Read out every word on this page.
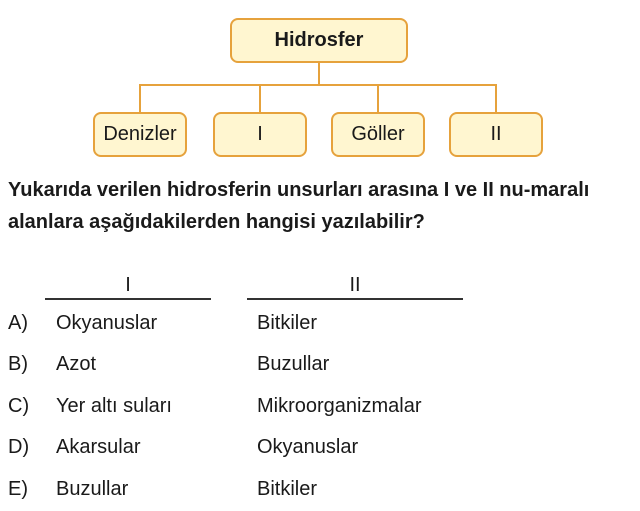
Hidrosfer
Denizler	I	Göller	II

Yukarıda verilen hidrosferin unsurları arasına I ve II nu-maralı alanlara aşağıdakilerden hangisi yazılabilir?

I	II
A) Okyanuslar	Bitkiler
B) Azot	Buzullar
C) Yer altı suları	Mikroorganizmalar
D) Akarsular	Okyanuslar
E) Buzullar	Bitkiler
